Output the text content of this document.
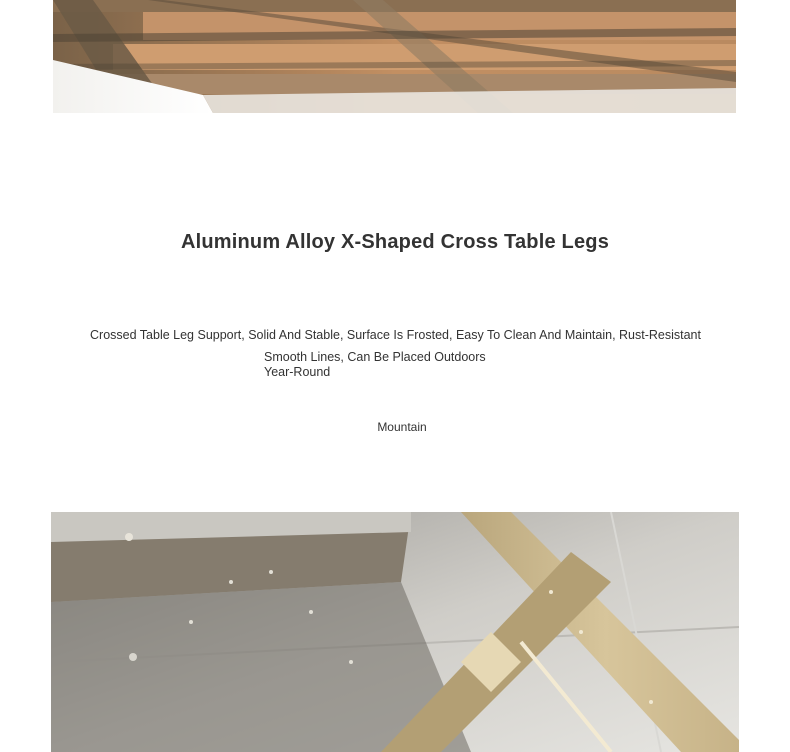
Aluminum Alloy X-Shaped Cross Table Legs
Crossed Table Leg Support, Solid And Stable, Surface Is Frosted, Easy To Clean And Maintain, Rust-Resistant
Smooth Lines, Can Be Placed Outdoors
Year-Round
Mountain
